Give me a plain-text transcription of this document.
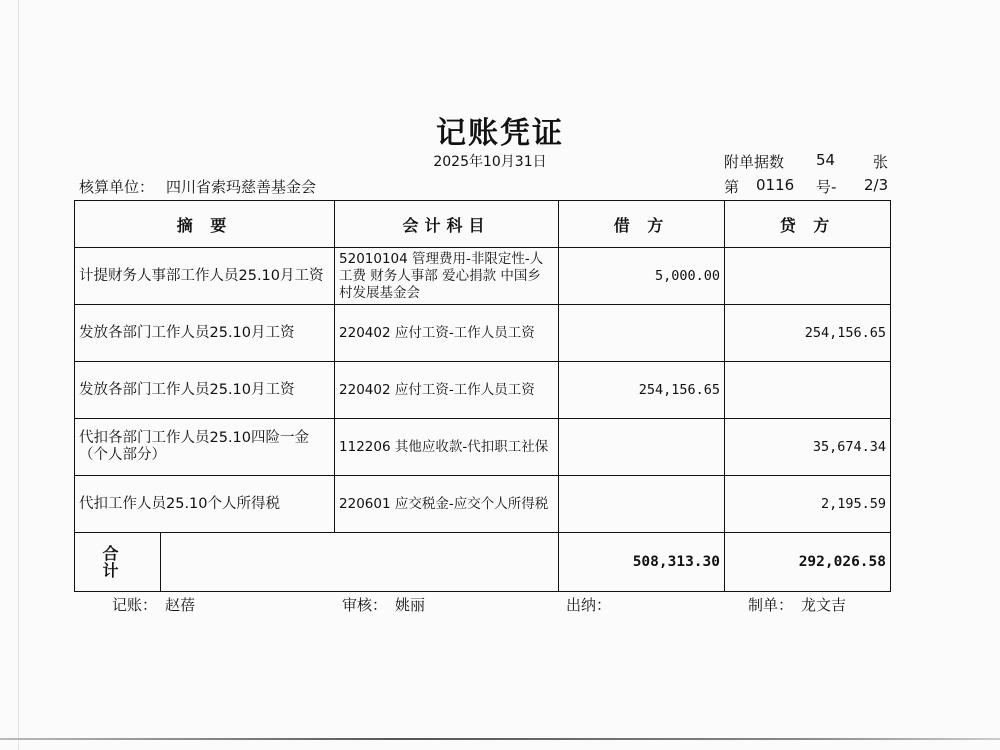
记账凭证
2025年10月31日	附单据数 54	张
核算单位： 四川省索玛慈善基金会	第 0116 号- 2/3
摘 要		会计科目	借 方	贷 方
计提财务人事部工作人员25.10月工资		52010104 管理费用-非限定性-人工费 财务人事部 爱心捐款 中国乡村发展基金会	5,000.00	
发放各部门工作人员25.10月工资		220402 应付工资-工作人员工资		254,156.65
发放各部门工作人员25.10月工资		220402 应付工资-工作人员工资	254,156.65	
代扣各部门工作人员25.10四险一金（个人部分）		112206 其他应收款-代扣职工社保		35,674.34
代扣工作人员25.10个人所得税		220601 应交税金-应交个人所得税		2,195.59
合 计			508,313.30	292,026.58
记账： 赵蓓	审核： 姚丽	出纳：	制单： 龙文吉
